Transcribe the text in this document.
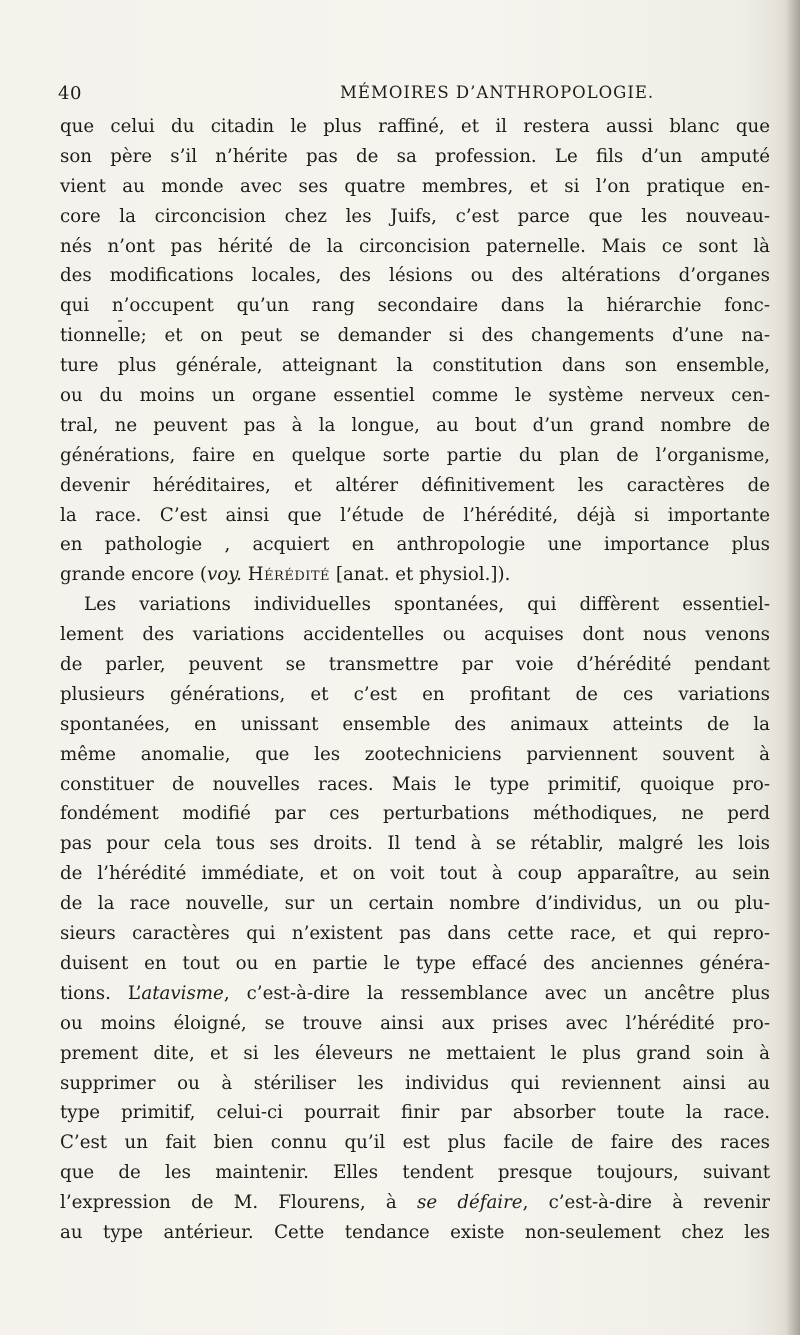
40	MÉMOIRES D’ANTHROPOLOGIE.
que celui du citadin le plus raffiné, et il restera aussi blanc que
son père s’il n’hérite pas de sa profession. Le fils d’un amputé
vient au monde avec ses quatre membres, et si l’on pratique en-
core la circoncision chez les Juifs, c’est parce que les nouveau-
nés n’ont pas hérité de la circoncision paternelle. Mais ce sont là
des modifications locales, des lésions ou des altérations d’organes
qui n’occupent qu’un rang secondaire dans la hiérarchie fonc-
tionnelle; et on peut se demander si des changements d’une na-
ture plus générale, atteignant la constitution dans son ensemble,
ou du moins un organe essentiel comme le système nerveux cen-
tral, ne peuvent pas à la longue, au bout d’un grand nombre de
générations, faire en quelque sorte partie du plan de l’organisme,
devenir héréditaires, et altérer définitivement les caractères de
la race. C’est ainsi que l’étude de l’hérédité, déjà si importante
en pathologie , acquiert en anthropologie une importance plus
grande encore (voy. Hérédité [anat. et physiol.]).
Les variations individuelles spontanées, qui diffèrent essentiel-
lement des variations accidentelles ou acquises dont nous venons
de parler, peuvent se transmettre par voie d’hérédité pendant
plusieurs générations, et c’est en profitant de ces variations
spontanées, en unissant ensemble des animaux atteints de la
même anomalie, que les zootechniciens parviennent souvent à
constituer de nouvelles races. Mais le type primitif, quoique pro-
fondément modifié par ces perturbations méthodiques, ne perd
pas pour cela tous ses droits. Il tend à se rétablir, malgré les lois
de l’hérédité immédiate, et on voit tout à coup apparaître, au sein
de la race nouvelle, sur un certain nombre d’individus, un ou plu-
sieurs caractères qui n’existent pas dans cette race, et qui repro-
duisent en tout ou en partie le type effacé des anciennes généra-
tions. L’atavisme, c’est-à-dire la ressemblance avec un ancêtre plus
ou moins éloigné, se trouve ainsi aux prises avec l’hérédité pro-
prement dite, et si les éleveurs ne mettaient le plus grand soin à
supprimer ou à stériliser les individus qui reviennent ainsi au
type primitif, celui-ci pourrait finir par absorber toute la race.
C’est un fait bien connu qu’il est plus facile de faire des races
que de les maintenir. Elles tendent presque toujours, suivant
l’expression de M. Flourens, à se défaire, c’est-à-dire à revenir
au type antérieur. Cette tendance existe non-seulement chez les
